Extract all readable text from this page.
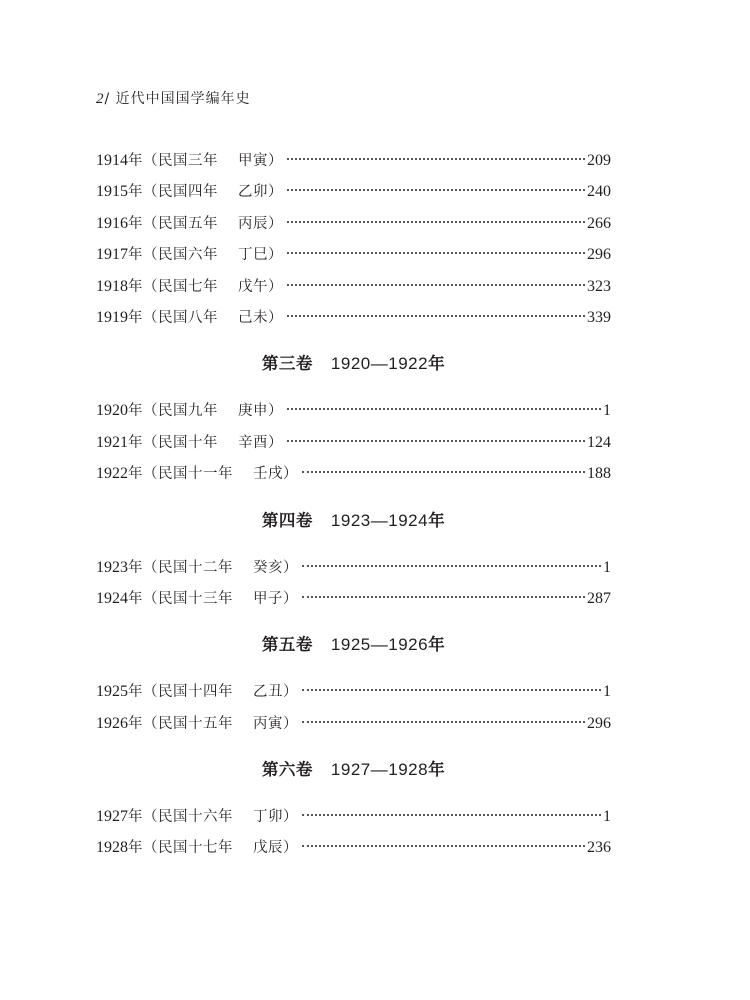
2/ 近代中国国学编年史
1914 年（民国三年 甲寅）	209
1915 年（民国四年 乙卯）	240
1916 年（民国五年 丙辰）	266
1917 年（民国六年 丁巳）	296
1918 年（民国七年 戊午）	323
1919 年（民国八年 己未）	339
第三卷 1920—1922年
1920 年（民国九年 庚申）	1
1921 年（民国十年 辛酉）	124
1922 年（民国十一年 壬戌）	188
第四卷 1923—1924年
1923 年（民国十二年 癸亥）	1
1924 年（民国十三年 甲子）	287
第五卷 1925—1926年
1925 年（民国十四年 乙丑）	1
1926 年（民国十五年 丙寅）	296
第六卷 1927—1928年
1927 年（民国十六年 丁卯）	1
1928 年（民国十七年 戊辰）	236
